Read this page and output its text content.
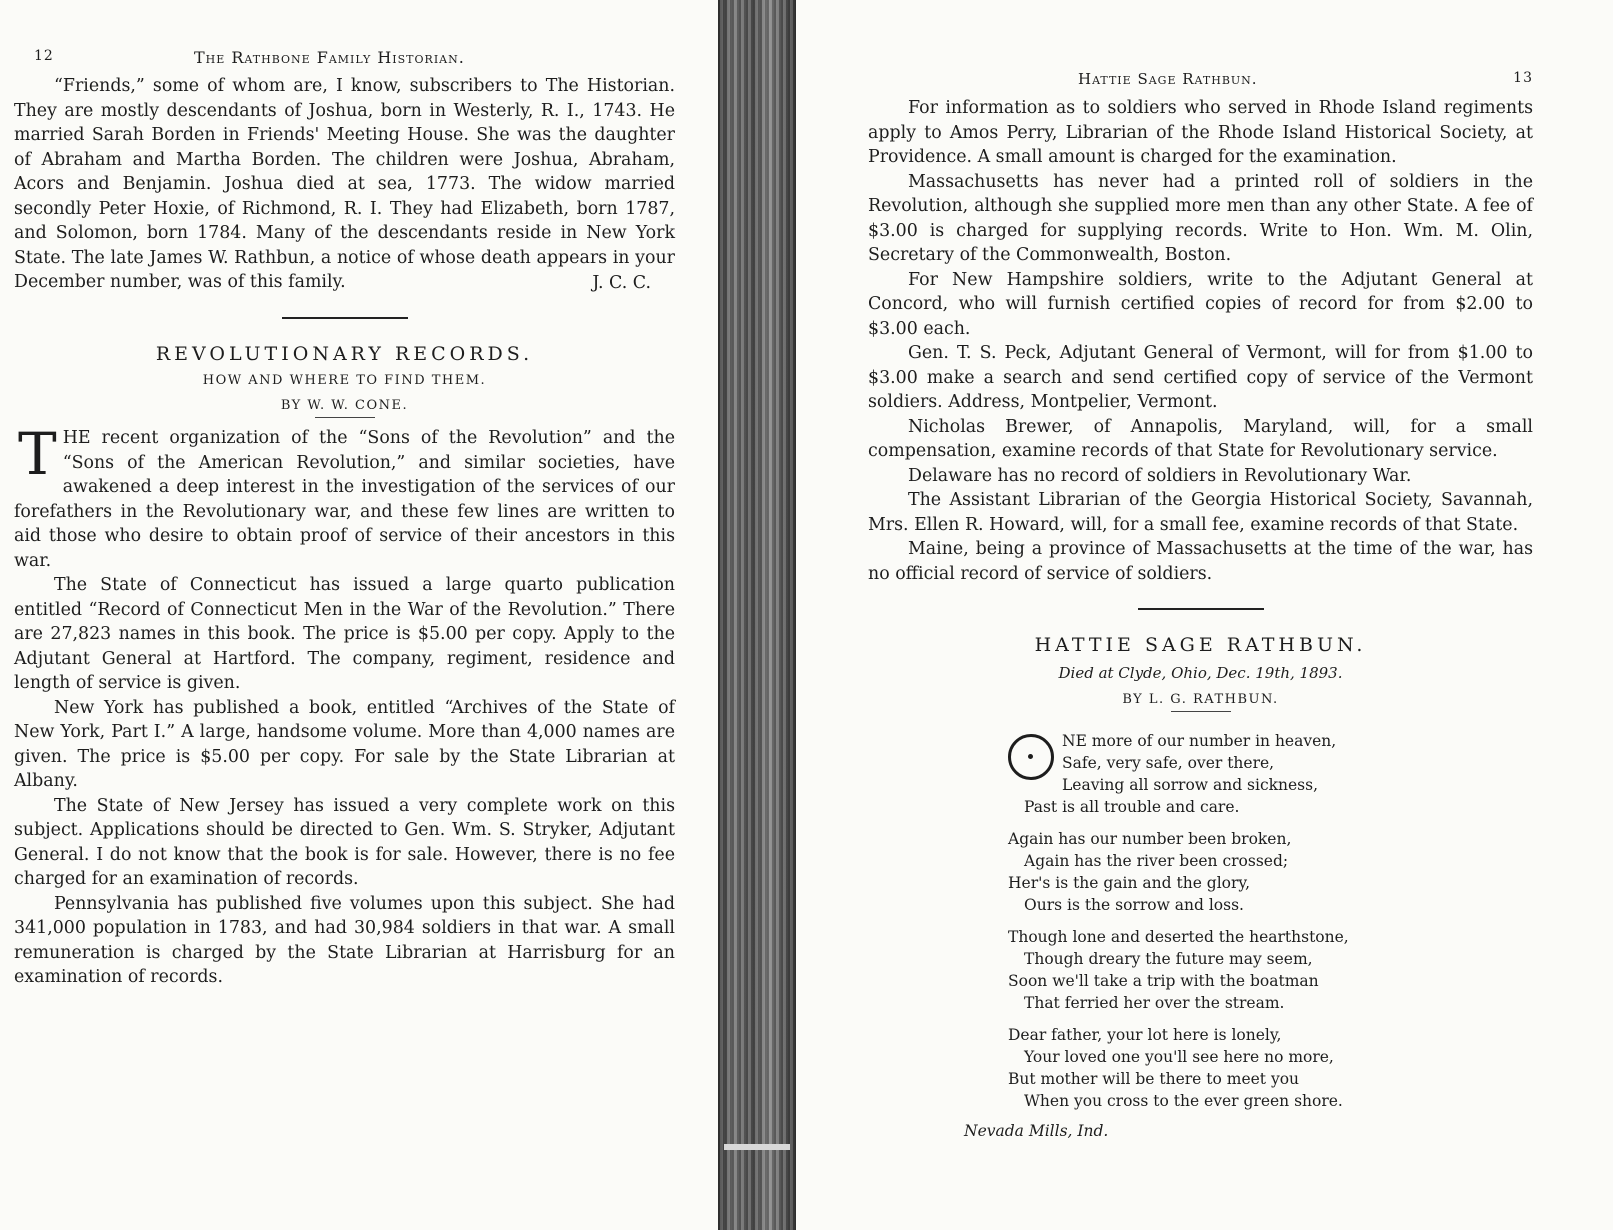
12	The Rathbone Family Historian.

“Friends,” some of whom are, I know, subscribers to The Historian. They are mostly descendants of Joshua, born in Westerly, R. I., 1743. He married Sarah Borden in Friends' Meeting House. She was the daughter of Abraham and Martha Borden. The children were Joshua, Abraham, Acors and Benjamin. Joshua died at sea, 1773. The widow married secondly Peter Hoxie, of Richmond, R. I. They had Elizabeth, born 1787, and Solomon, born 1784. Many of the descendants reside in New York State. The late James W. Rathbun, a notice of whose death appears in your December number, was of this family.	J. C. C.

REVOLUTIONARY RECORDS.
HOW AND WHERE TO FIND THEM.
BY W. W. CONE.

T HE recent organization of the “Sons of the Revolution” and the “Sons of the American Revolution,” and similar societies, have awakened a deep interest in the investigation of the services of our forefathers in the Revolutionary war, and these few lines are written to aid those who desire to obtain proof of service of their ancestors in this war.

The State of Connecticut has issued a large quarto publication entitled “Record of Connecticut Men in the War of the Revolution.” There are 27,823 names in this book. The price is $5.00 per copy. Apply to the Adjutant General at Hartford. The company, regiment, residence and length of service is given.

New York has published a book, entitled “Archives of the State of New York, Part I.” A large, handsome volume. More than 4,000 names are given. The price is $5.00 per copy. For sale by the State Librarian at Albany.

The State of New Jersey has issued a very complete work on this subject. Applications should be directed to Gen. Wm. S. Stryker, Adjutant General. I do not know that the book is for sale. However, there is no fee charged for an examination of records.

Pennsylvania has published five volumes upon this subject. She had 341,000 population in 1783, and had 30,984 soldiers in that war. A small remuneration is charged by the State Librarian at Harrisburg for an examination of records.

Hattie Sage Rathbun.	13

For information as to soldiers who served in Rhode Island regiments apply to Amos Perry, Librarian of the Rhode Island Historical Society, at Providence. A small amount is charged for the examination.

Massachusetts has never had a printed roll of soldiers in the Revolution, although she supplied more men than any other State. A fee of $3.00 is charged for supplying records. Write to Hon. Wm. M. Olin, Secretary of the Commonwealth, Boston.

For New Hampshire soldiers, write to the Adjutant General at Concord, who will furnish certified copies of record for from $2.00 to $3.00 each.

Gen. T. S. Peck, Adjutant General of Vermont, will for from $1.00 to $3.00 make a search and send certified copy of service of the Vermont soldiers. Address, Montpelier, Vermont.

Nicholas Brewer, of Annapolis, Maryland, will, for a small compensation, examine records of that State for Revolutionary service.

Delaware has no record of soldiers in Revolutionary War.

The Assistant Librarian of the Georgia Historical Society, Savannah, Mrs. Ellen R. Howard, will, for a small fee, examine records of that State.

Maine, being a province of Massachusetts at the time of the war, has no official record of service of soldiers.

HATTIE SAGE RATHBUN.
Died at Clyde, Ohio, Dec. 19th, 1893.
BY L. G. RATHBUN.
NE more of our number in heaven,
Safe, very safe, over there,
Leaving all sorrow and sickness,
Past is all trouble and care.
Again has our number been broken,
Again has the river been crossed;
Her's is the gain and the glory,
Ours is the sorrow and loss.
Though lone and deserted the hearthstone,
Though dreary the future may seem,
Soon we'll take a trip with the boatman
That ferried her over the stream.
Dear father, your lot here is lonely,
Your loved one you'll see here no more,
But mother will be there to meet you
When you cross to the ever green shore.
Nevada Mills, Ind.
